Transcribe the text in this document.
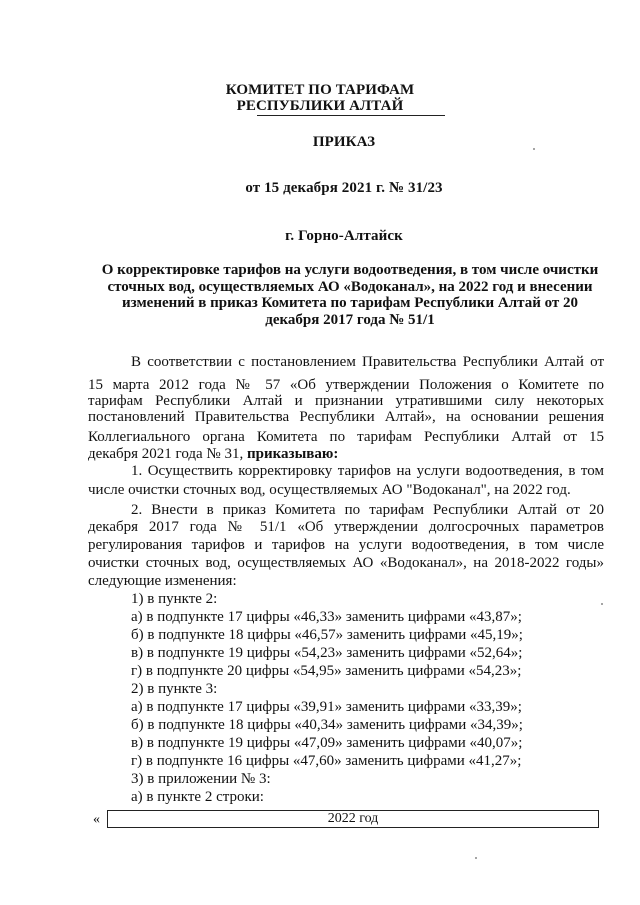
КОМИТЕТ ПО ТАРИФАМ
РЕСПУБЛИКИ АЛТАЙ
ПРИКАЗ
от 15 декабря 2021 г. № 31/23
г. Горно-Алтайск
О корректировке тарифов на услуги водоотведения, в том числе очистки
сточных вод, осуществляемых АО «Водоканал», на 2022 год и внесении
изменений в приказ Комитета по тарифам Республики Алтай от 20
декабря 2017 года № 51/1
В соответствии с постановлением Правительства Республики Алтай от
15 марта 2012 года № 57 «Об утверждении Положения о Комитете по
тарифам Республики Алтай и признании утратившими силу некоторых
постановлений Правительства Республики Алтай», на основании решения
Коллегиального органа Комитета по тарифам Республики Алтай от 15
декабря 2021 года № 31, приказываю:
1. Осуществить корректировку тарифов на услуги водоотведения, в том
числе очистки сточных вод, осуществляемых АО "Водоканал", на 2022 год.
2. Внести в приказ Комитета по тарифам Республики Алтай от 20
декабря 2017 года № 51/1 «Об утверждении долгосрочных параметров
регулирования тарифов и тарифов на услуги водоотведения, в том числе
очистки сточных вод, осуществляемых АО «Водоканал», на 2018-2022 годы»
следующие изменения:
1) в пункте 2:
а) в подпункте 17 цифры «46,33» заменить цифрами «43,87»;
б) в подпункте 18 цифры «46,57» заменить цифрами «45,19»;
в) в подпункте 19 цифры «54,23» заменить цифрами «52,64»;
г) в подпункте 20 цифры «54,95» заменить цифрами «54,23»;
2) в пункте 3:
а) в подпункте 17 цифры «39,91» заменить цифрами «33,39»;
б) в подпункте 18 цифры «40,34» заменить цифрами «34,39»;
в) в подпункте 19 цифры «47,09» заменить цифрами «40,07»;
г) в подпункте 16 цифры «47,60» заменить цифрами «41,27»;
3) в приложении № 3:
а) в пункте 2 строки:
«	2022 год
